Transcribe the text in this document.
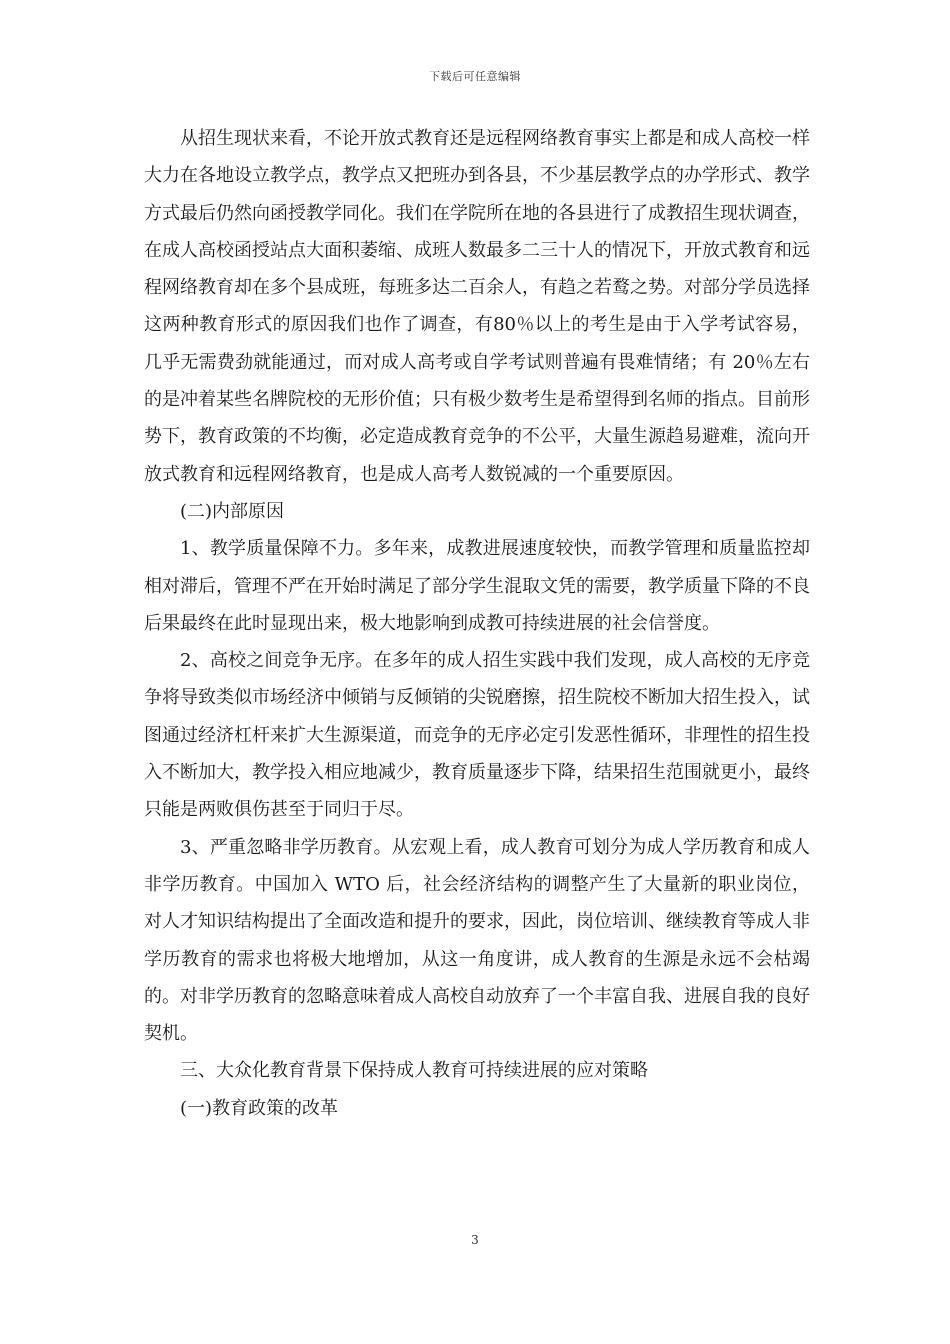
下载后可任意编辑

从招生现状来看，不论开放式教育还是远程网络教育事实上都是和成人高校一样大力在各地设立教学点，教学点又把班办到各县，不少基层教学点的办学形式、教学方式最后仍然向函授教学同化。我们在学院所在地的各县进行了成教招生现状调查，在成人高校函授站点大面积萎缩、成班人数最多二三十人的情况下，开放式教育和远程网络教育却在多个县成班，每班多达二百余人，有趋之若鹜之势。对部分学员选择这两种教育形式的原因我们也作了调查，有80％以上的考生是由于入学考试容易，几乎无需费劲就能通过，而对成人高考或自学考试则普遍有畏难情绪；有 20％左右的是冲着某些名牌院校的无形价值；只有极少数考生是希望得到名师的指点。目前形势下，教育政策的不均衡，必定造成教育竞争的不公平，大量生源趋易避难，流向开放式教育和远程网络教育，也是成人高考人数锐减的一个重要原因。

(二)内部原因

1、教学质量保障不力。多年来，成教进展速度较快，而教学管理和质量监控却相对滞后，管理不严在开始时满足了部分学生混取文凭的需要，教学质量下降的不良后果最终在此时显现出来，极大地影响到成教可持续进展的社会信誉度。

2、高校之间竞争无序。在多年的成人招生实践中我们发现，成人高校的无序竞争将导致类似市场经济中倾销与反倾销的尖锐磨擦，招生院校不断加大招生投入，试图通过经济杠杆来扩大生源渠道，而竞争的无序必定引发恶性循环，非理性的招生投入不断加大，教学投入相应地减少，教育质量逐步下降，结果招生范围就更小，最终只能是两败俱伤甚至于同归于尽。

3、严重忽略非学历教育。从宏观上看，成人教育可划分为成人学历教育和成人非学历教育。中国加入 WTO 后，社会经济结构的调整产生了大量新的职业岗位，对人才知识结构提出了全面改造和提升的要求，因此，岗位培训、继续教育等成人非学历教育的需求也将极大地增加，从这一角度讲，成人教育的生源是永远不会枯竭的。对非学历教育的忽略意味着成人高校自动放弃了一个丰富自我、进展自我的良好契机。

三、大众化教育背景下保持成人教育可持续进展的应对策略

(一)教育政策的改革

3
